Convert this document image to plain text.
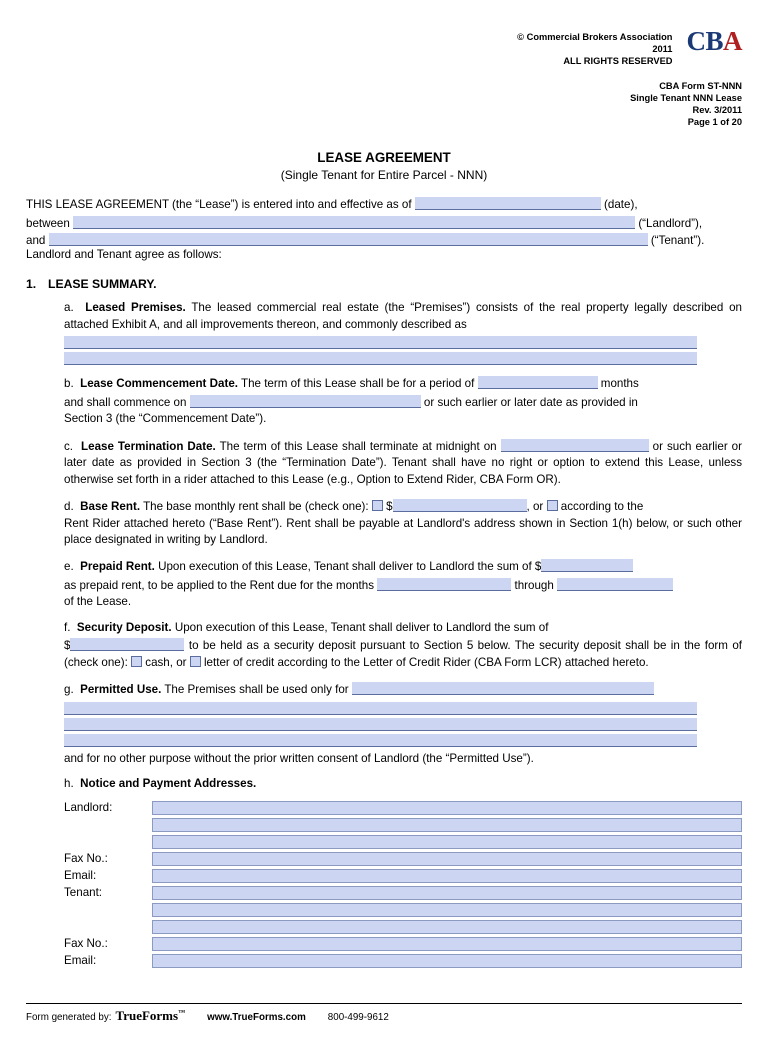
© Commercial Brokers Association
2011
ALL RIGHTS RESERVED
CBA
CBA Form ST-NNN
Single Tenant NNN Lease
Rev. 3/2011
Page 1 of 20
LEASE AGREEMENT
(Single Tenant for Entire Parcel - NNN)
THIS LEASE AGREEMENT (the “Lease”) is entered into and effective as of	(date),
between	(“Landlord”),
and	(“Tenant”).
Landlord and Tenant agree as follows:
1. LEASE SUMMARY.
a. Leased Premises. The leased commercial real estate (the “Premises”) consists of the real property legally described on attached Exhibit A, and all improvements thereon, and commonly described as
b. Lease Commencement Date. The term of this Lease shall be for a period of	months
and shall commence on	or such earlier or later date as provided in
Section 3 (the “Commencement Date”).
c. Lease Termination Date. The term of this Lease shall terminate at midnight on	or such earlier or later date as provided in Section 3 (the “Termination Date”). Tenant shall have no right or option to extend this Lease, unless otherwise set forth in a rider attached to this Lease (e.g., Option to Extend Rider, CBA Form OR).
d. Base Rent. The base monthly rent shall be (check one): $	, or according to the
Rent Rider attached hereto (“Base Rent”). Rent shall be payable at Landlord's address shown in Section 1(h) below, or such other place designated in writing by Landlord.
e. Prepaid Rent. Upon execution of this Lease, Tenant shall deliver to Landlord the sum of $
as prepaid rent, to be applied to the Rent due for the months	through
of the Lease.
f. Security Deposit. Upon execution of this Lease, Tenant shall deliver to Landlord the sum of
$	to be held as a security deposit pursuant to Section 5 below. The security deposit shall be in the form of (check one): cash, or letter of credit according to the Letter of Credit Rider (CBA Form LCR) attached hereto.
g. Permitted Use. The Premises shall be used only for
and for no other purpose without the prior written consent of Landlord (the “Permitted Use”).
h. Notice and Payment Addresses.
Landlord:
Fax No.:
Email:
Tenant:
Fax No.:
Email:
Form generated by: TrueForms™ www.TrueForms.com 800-499-9612
